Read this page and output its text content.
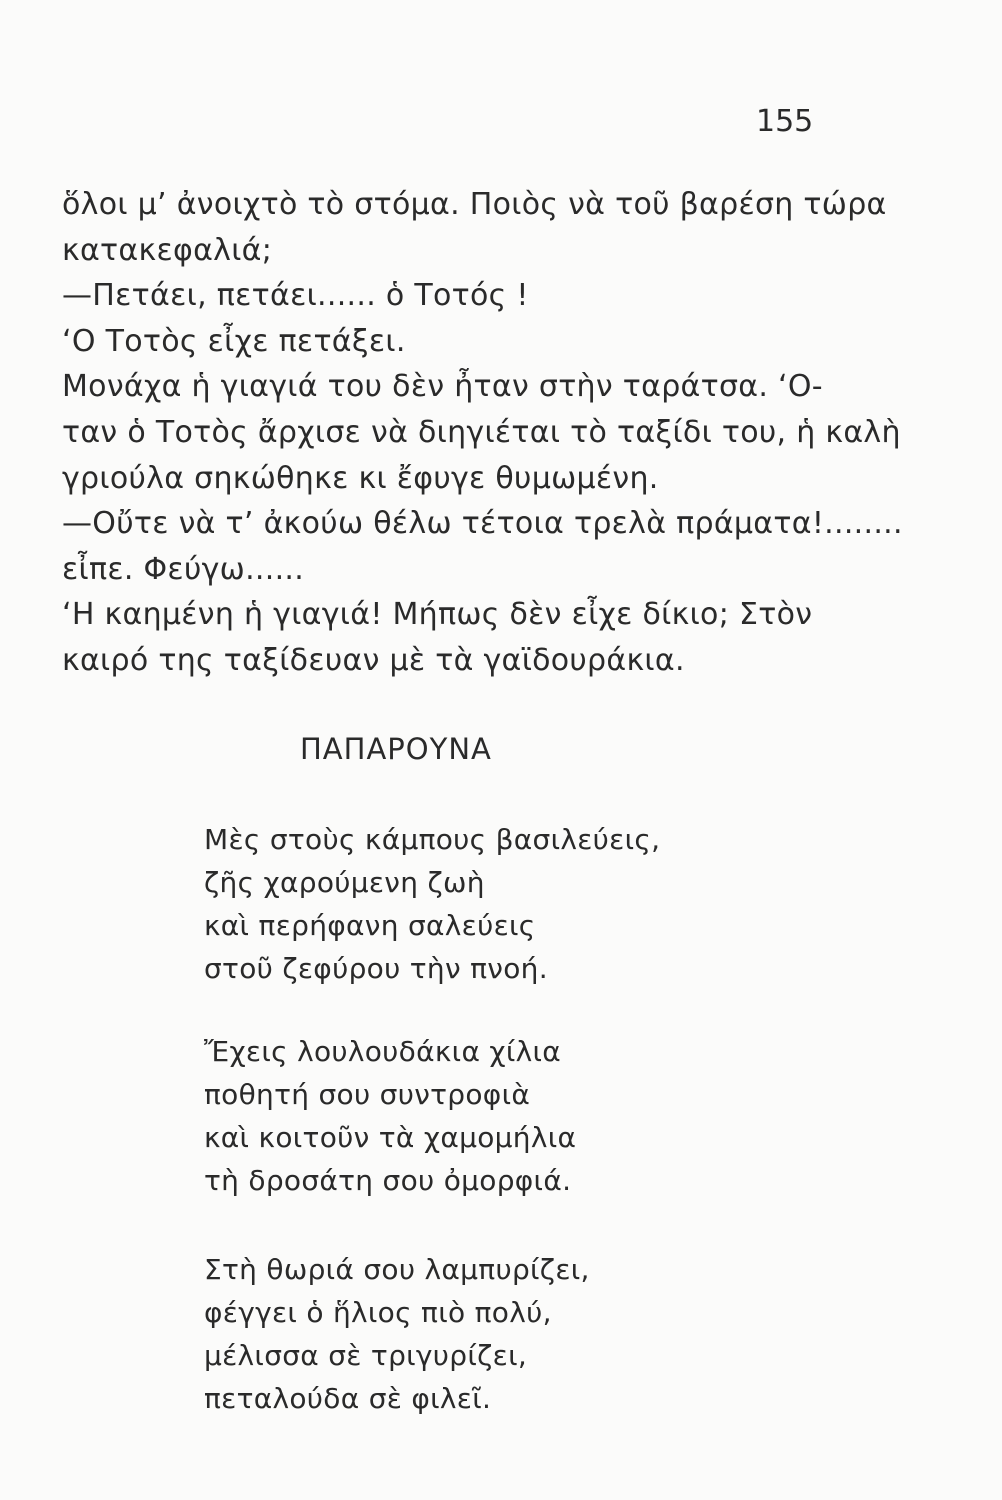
155
ὅλοι μ’ ἀνοιχτὸ τὸ στόμα. Ποιὸς νὰ τοῦ βαρέση τώρα
κατακεφαλιά;
—Πετάει, πετάει...... ὁ Τοτός !
‘Ο Τοτὸς εἶχε πετάξει.
Μονάχα ἡ γιαγιά του δὲν ἦταν στὴν ταράτσα. ‘Ο-
ταν ὁ Τοτὸς ἄρχισε νὰ διηγιέται τὸ ταξίδι του, ἡ καλὴ
γριούλα σηκώθηκε κι ἔφυγε θυμωμένη.
—Οὔτε νὰ τ’ ἀκούω θέλω τέτοια τρελὰ πράματα!........
εἶπε. Φεύγω......
‘Η καημένη ἡ γιαγιά! Μήπως δὲν εἶχε δίκιο; Στὸν
καιρό της ταξίδευαν μὲ τὰ γαϊδουράκια.
ΠΑΠΑΡΟΥΝΑ
Μὲς στοὺς κάμπους βασιλεύεις,
ζῆς χαρούμενη ζωὴ
καὶ περήφανη σαλεύεις
στοῦ ζεφύρου τὴν πνοή.
Ἔχεις λουλουδάκια χίλια
ποθητή σου συντροφιὰ
καὶ κοιτοῦν τὰ χαμομήλια
τὴ δροσάτη σου ὀμορφιά.
Στὴ θωριά σου λαμπυρίζει,
φέγγει ὁ ἥλιος πιὸ πολύ,
μέλισσα σὲ τριγυρίζει,
πεταλούδα σὲ φιλεῖ.
